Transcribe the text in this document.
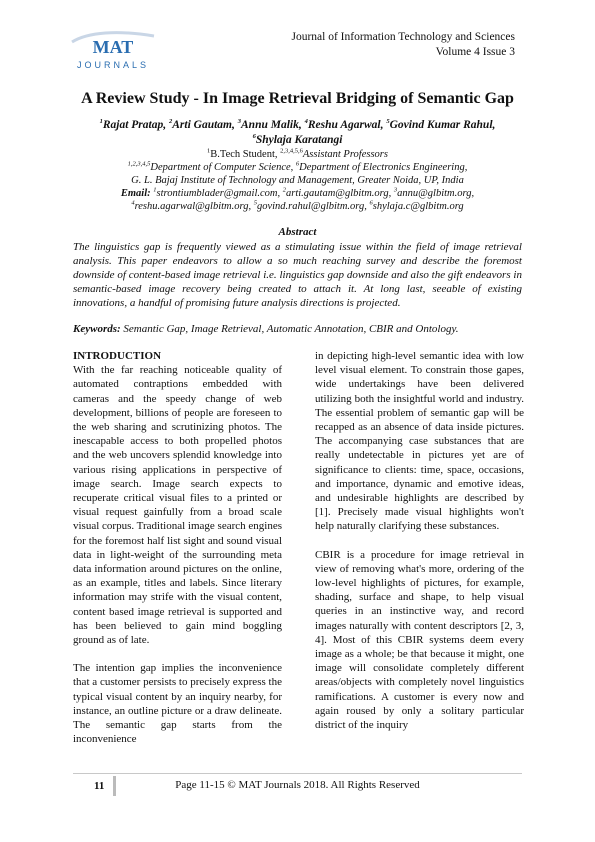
MAT
JOURNALS
Journal of Information Technology and Sciences
Volume 4 Issue 3
A Review Study - In Image Retrieval Bridging of Semantic Gap
$^1$Rajat Pratap, $^2$Arti Gautam, $^3$Annu Malik, $^4$Reshu Agarwal, $^5$Govind Kumar Rahul,
$^6$Shylaja Karatangi
$^1$B.Tech Student, $^{2,3,4,5,6}$Assistant Professors
$^{1,2,3,4,5}$Department of Computer Science, $^6$Department of Electronics Engineering,
G. L. Bajaj Institute of Technology and Management, Greater Noida, UP, India
Email: $^1$strontiumblader@gmail.com, $^2$arti.gautam@glbitm.org, $^3$annu@glbitm.org,
$^4$reshu.agarwal@glbitm.org, $^5$govind.rahul@glbitm.org, $^6$shylaja.c@glbitm.org
Abstract
The linguistics gap is frequently viewed as a stimulating issue within the field of image retrieval analysis. This paper endeavors to allow a so much reaching survey and describe the foremost downside of content-based image retrieval i.e. linguistics gap downside and also the gift endeavors in semantic-based image recovery being created to attach it. At long last, seeable of existing innovations, a handful of promising future analysis directions is projected.
Keywords: Semantic Gap, Image Retrieval, Automatic Annotation, CBIR and Ontology.
INTRODUCTION

With the far reaching noticeable quality of automated contraptions embedded with cameras and the speedy change of web development, billions of people are foreseen to the web sharing and scrutinizing photos. The inescapable access to both propelled photos and the web uncovers splendid knowledge into various rising applications in perspective of image search. Image search expects to recuperate critical visual files to a printed or visual request gainfully from a broad scale visual corpus. Traditional image search engines for the foremost half list sight and sound visual data in light-weight of the surrounding meta data information around pictures on the online, as an example, titles and labels. Since literary information may strife with the visual content, content based image retrieval is supported and has been believed to gain mind boggling ground as of late.

The intention gap implies the inconvenience that a customer persists to precisely express the typical visual content by an inquiry nearby, for instance, an outline picture or a draw delineate. The semantic gap starts from the inconvenience

in depicting high-level semantic idea with low level visual element. To constrain those gapes, wide undertakings have been delivered utilizing both the insightful world and industry. The essential problem of semantic gap will be recapped as an absence of data inside pictures. The accompanying case substances that are really undetectable in pictures yet are of significance to clients: time, space, occasions, and importance, dynamic and emotive ideas, and undesirable highlights are described by [1]. Precisely made visual highlights won't help naturally clarifying these substances.

CBIR is a procedure for image retrieval in view of removing what's more, ordering of the low-level highlights of pictures, for example, shading, surface and shape, to help visual queries in an instinctive way, and record images naturally with content descriptors [2, 3, 4]. Most of this CBIR systems deem every image as a whole; be that because it might, one image will consolidate completely different areas/objects with completely novel linguistics ramifications. A customer is every now and again roused by only a solitary particular district of the inquiry

11	Page 11-15 © MAT Journals 2018. All Rights Reserved
